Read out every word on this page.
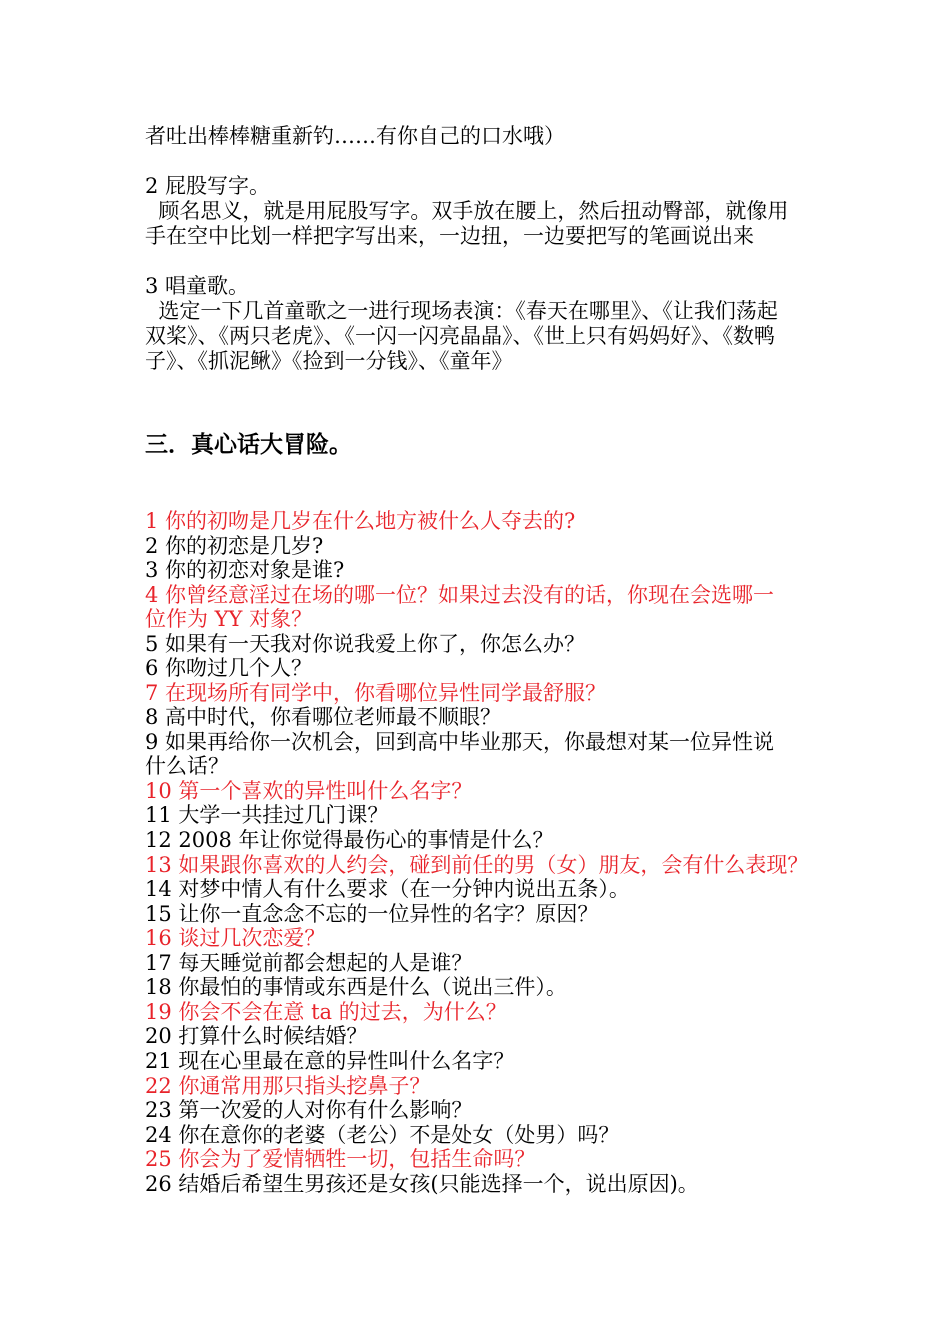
者吐出棒棒糖重新钓……有你自己的口水哦）
2 屁股写字。
顾名思义，就是用屁股写字。双手放在腰上，然后扭动臀部，就像用
手在空中比划一样把字写出来，一边扭，一边要把写的笔画说出来
3 唱童歌。
选定一下几首童歌之一进行现场表演：《春天在哪里》、《让我们荡起
双桨》、《两只老虎》、《一闪一闪亮晶晶》、《世上只有妈妈好》、《数鸭
子》、《抓泥鳅》《捡到一分钱》、《童年》
三．真心话大冒险。
1 你的初吻是几岁在什么地方被什么人夺去的?
2 你的初恋是几岁?
3 你的初恋对象是谁?
4 你曾经意淫过在场的哪一位？如果过去没有的话，你现在会选哪一
位作为 YY 对象？
5 如果有一天我对你说我爱上你了，你怎么办？
6 你吻过几个人？
7 在现场所有同学中，你看哪位异性同学最舒服？
8 高中时代，你看哪位老师最不顺眼？
9 如果再给你一次机会，回到高中毕业那天，你最想对某一位异性说
什么话？
10 第一个喜欢的异性叫什么名字？
11 大学一共挂过几门课？
12 2008 年让你觉得最伤心的事情是什么？
13 如果跟你喜欢的人约会，碰到前任的男（女）朋友，会有什么表现？
14 对梦中情人有什么要求（在一分钟内说出五条）。
15 让你一直念念不忘的一位异性的名字？原因？
16 谈过几次恋爱？
17 每天睡觉前都会想起的人是谁？
18 你最怕的事情或东西是什么（说出三件）。
19 你会不会在意 ta 的过去，为什么？
20 打算什么时候结婚？
21 现在心里最在意的异性叫什么名字？
22 你通常用那只指头挖鼻子？
23 第一次爱的人对你有什么影响？
24 你在意你的老婆（老公）不是处女（处男）吗？
25 你会为了爱情牺牲一切，包括生命吗？
26 结婚后希望生男孩还是女孩(只能选择一个，说出原因)。
